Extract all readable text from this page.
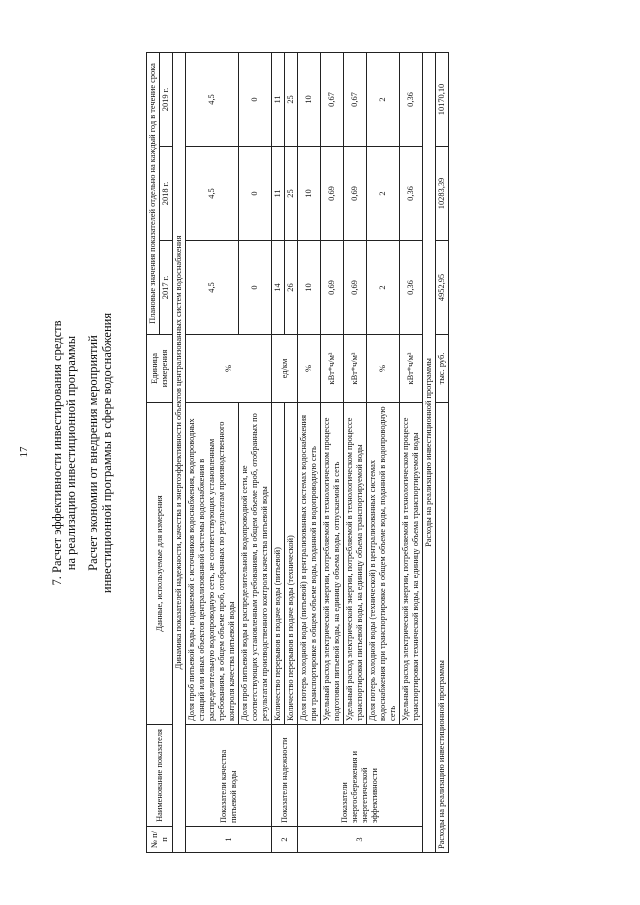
17 7. Расчет эффективности инвестирования средств на реализацию инвестиционной программы Расчет экономии от внедрения мероприятий инвестиционной программы в сфере водоснабжения
№ п/п	Наименование показателя	Данные, используемые для измерения	Единица измерения	Плановые значения показателей отдельно на каждый год в течение срока		
				2017 г.	2018 г.	2019 г.
Динамика показателей надежности, качества и энергоэффективности объектов централизованных систем водоснабжения						
1	Показатели качества питьевой воды	Доля проб питьевой воды, подаваемой с источников водоснабжения, водопроводных станций или иных объектов централизованной системы водоснабжения в распределительную водопроводную сеть, не соответствующих установленным требованиям, в общем объеме проб, отобранных по результатам производственного контроля качества питьевой воды	%	4,5	4,5	4,5
		Доля проб питьевой воды в распределительной водопроводной сети, не соответствующих установленным требованиям, в общем объеме проб, отобранных по результатам производственного контроля качества питьевой воды		0	0	0
2	Показатели надежности	Количество перерывов в подаче воды (питьевой)	ед/км	14	11	11
		Количество перерывов в подаче воды (технической)		26	25	25
3	Показатели энергосбережения и энергетической эффективности	Доля потерь холодной воды (питьевой) в централизованных системах водоснабжения при транспортировке в общем объеме воды, поданной в водопроводную сеть	%	10	10	10
		Удельный расход электрической энергии, потребляемой в технологическом процессе подготовки питьевой воды, на единицу объема воды, отпускаемой в сеть	кВт*ч/м³	0,69	0,69	0,67
		Удельный расход электрической энергии, потребляемой в технологическом процессе транспортировки питьевой воды, на единицу объема транспортируемой воды	кВт*ч/м³	0,69	0,69	0,67
		Доля потерь холодной воды (технической) в централизованных системах водоснабжения при транспортировке в общем объеме воды, поданной в водопроводную сеть	%	2	2	2
		Удельный расход электрической энергии, потребляемой в технологическом процессе транспортировки технической воды, на единицу объема транспортируемой воды	кВт*ч/м³	0,36	0,36	0,36
Расходы на реализацию инвестиционной программы						
Расходы на реализацию инвестиционной программы			тыс. руб.	4952,95	10283,39	10170,10
